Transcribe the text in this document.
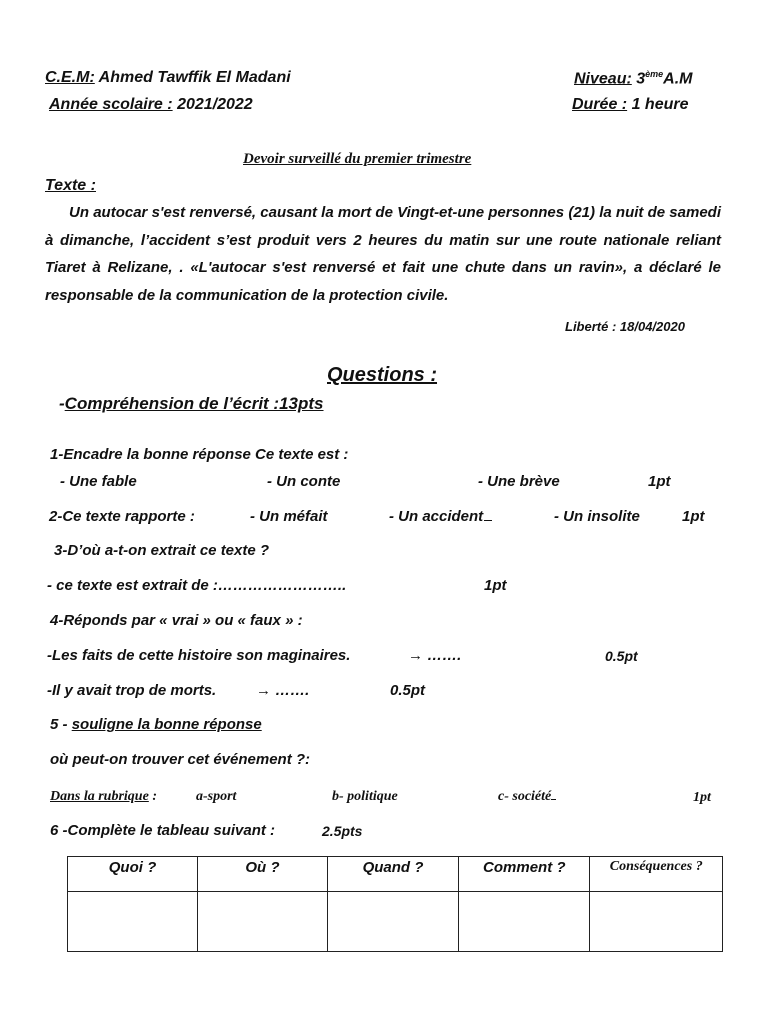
C.E.M: Ahmed Tawffik El Madani	Niveau: 3èmeA.M
Année scolaire : 2021/2022	Durée : 1 heure
Devoir surveillé du premier trimestre
Texte :
Un autocar s'est renversé, causant la mort de Vingt-et-une personnes (21) la nuit de samedi à dimanche, l’accident s’est produit vers 2 heures du matin sur une route nationale reliant Tiaret à Relizane, . «L'autocar s'est renversé et fait une chute dans un ravin», a déclaré le responsable de la communication de la protection civile.
Liberté : 18/04/2020
Questions :
-Compréhension de l’écrit :13pts
1-Encadre la bonne réponse Ce texte est :
- Une fable	- Un conte	- Une brève	1pt
2-Ce texte rapporte :	- Un méfait	- Un accident	- Un insolite	1pt
3-D’où a-t-on extrait ce texte ?
- ce texte est extrait de :……………………..	1pt
4-Réponds par « vrai » ou « faux » :
-Les faits de cette histoire son maginaires.	→ …….	0.5pt
-Il y avait trop de morts.	→ …….	0.5pt
5 - souligne la bonne réponse
où peut-on trouver cet événement ?:
Dans la rubrique :	a-sport	b- politique	c- société	1pt
6 -Complète le tableau suivant :	2.5pts
Quoi ?	Où ?	Quand ?	Comment ?	Conséquences ?
